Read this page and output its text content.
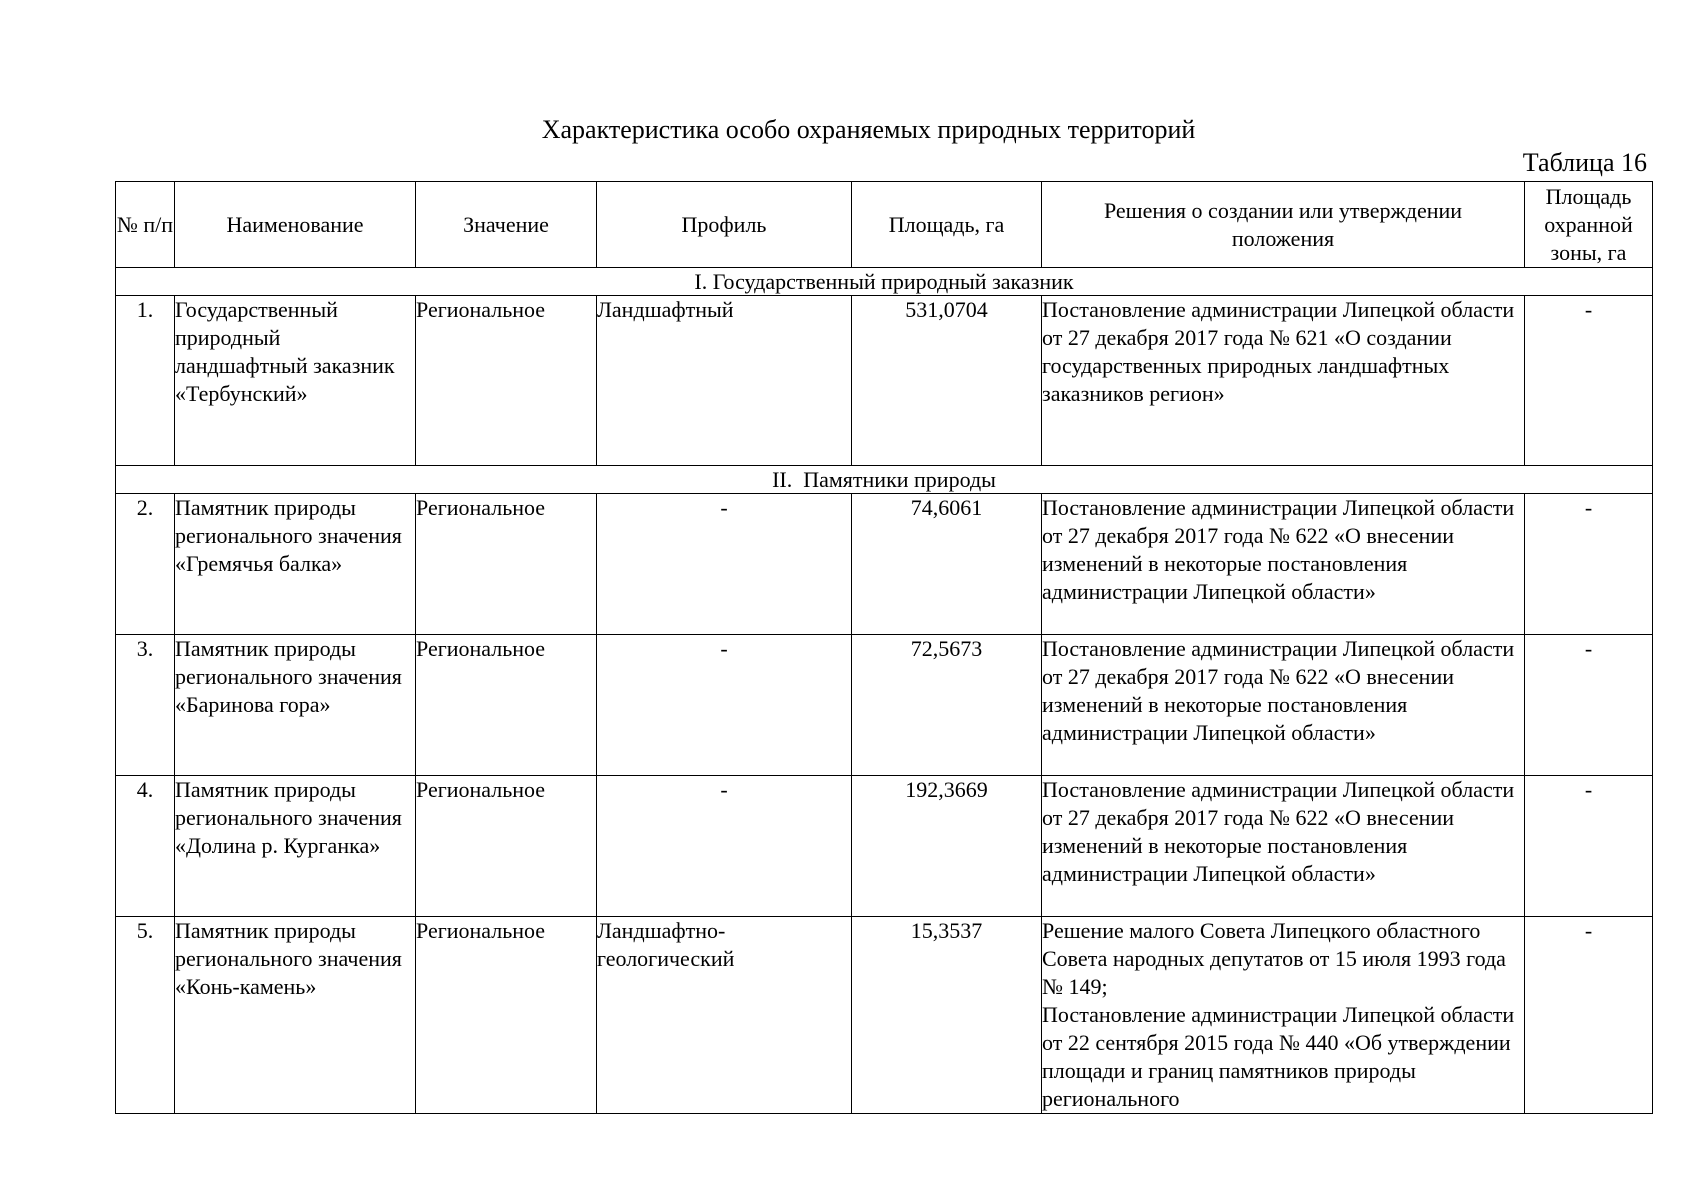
Характеристика особо охраняемых природных территорий
Таблица 16
№ п/п	Наименование	Значение	Профиль	Площадь, га	Решения о создании или утверждении положения	Площадь охранной зоны, га
I. Государственный природный заказник						
1.	Государственный природный ландшафтный заказник «Тербунский»	Региональное	Ландшафтный	531,0704	Постановление администрации Липецкой области от 27 декабря 2017 года № 621 «О создании государственных природных ландшафтных заказников регион»	-
II.  Памятники природы						
2.	Памятник природы регионального значения «Гремячья балка»	Региональное	-	74,6061	Постановление администрации Липецкой области от 27 декабря 2017 года № 622 «О внесении изменений в некоторые постановления администрации Липецкой области»	-
3.	Памятник природы регионального значения «Баринова гора»	Региональное	-	72,5673	Постановление администрации Липецкой области от 27 декабря 2017 года № 622 «О внесении изменений в некоторые постановления администрации Липецкой области»	-
4.	Памятник природы регионального значения «Долина р. Курганка»	Региональное	-	192,3669	Постановление администрации Липецкой области от 27 декабря 2017 года № 622 «О внесении изменений в некоторые постановления администрации Липецкой области»	-
5.	Памятник природы регионального значения «Конь-камень»	Региональное	Ландшафтно-геологический	15,3537	Решение малого Совета Липецкого областного Совета народных депутатов от 15 июля 1993 года № 149;
Постановление администрации Липецкой области от 22 сентября 2015 года № 440 «Об утверждении площади и границ памятников природы регионального	-
